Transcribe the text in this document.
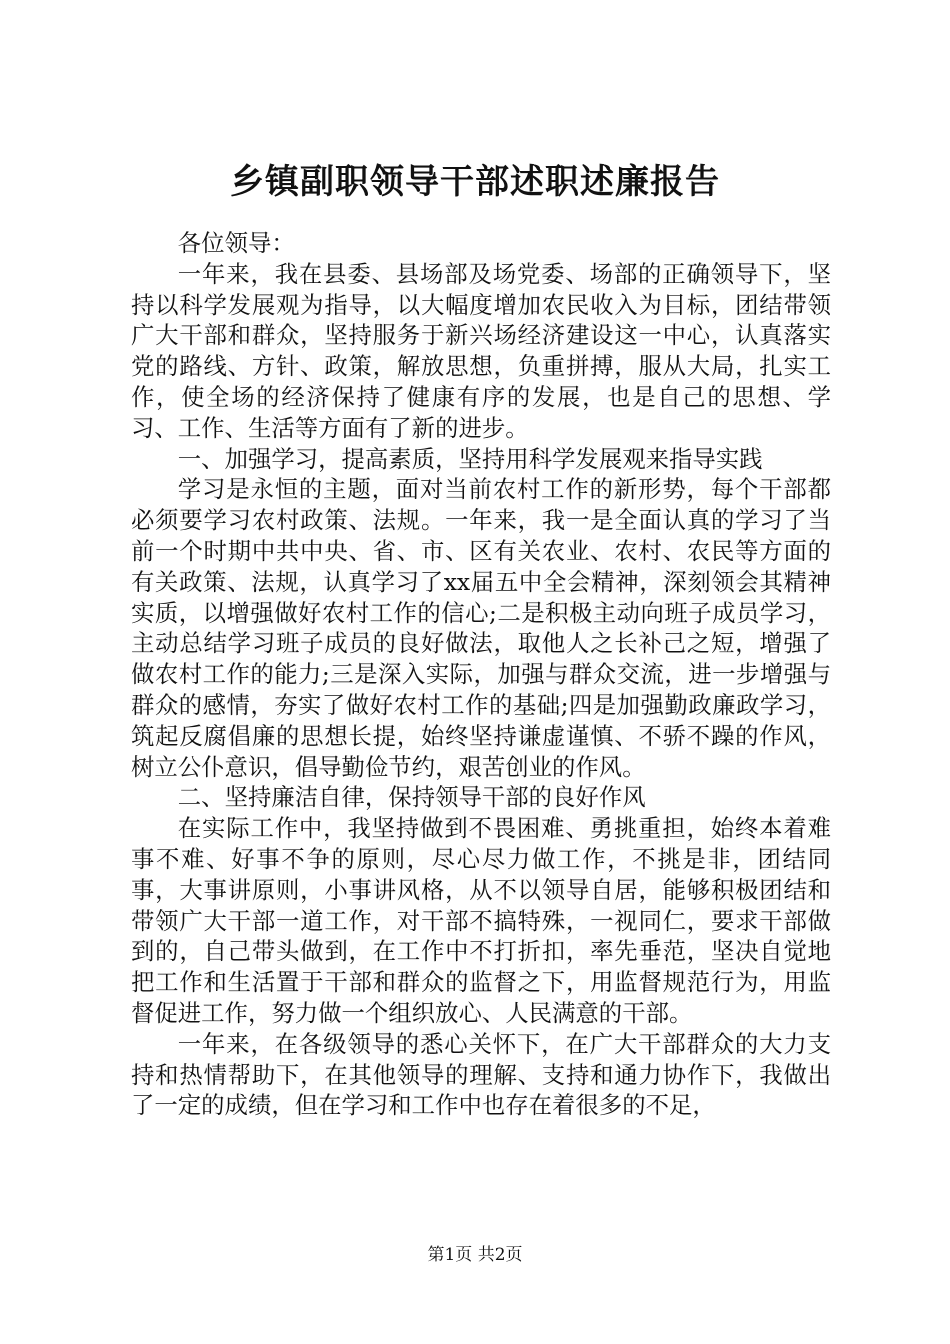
乡镇副职领导干部述职述廉报告

各位领导：

一年来，我在县委、县场部及场党委、场部的正确领导下，坚持以科学发展观为指导，以大幅度增加农民收入为目标，团结带领广大干部和群众，坚持服务于新兴场经济建设这一中心，认真落实党的路线、方针、政策，解放思想，负重拼搏，服从大局，扎实工作，使全场的经济保持了健康有序的发展，也是自己的思想、学习、工作、生活等方面有了新的进步。

一、加强学习，提高素质，坚持用科学发展观来指导实践

学习是永恒的主题，面对当前农村工作的新形势，每个干部都必须要学习农村政策、法规。一年来，我一是全面认真的学习了当前一个时期中共中央、省、市、区有关农业、农村、农民等方面的有关政策、法规，认真学习了xx届五中全会精神，深刻领会其精神实质，以增强做好农村工作的信心;二是积极主动向班子成员学习，主动总结学习班子成员的良好做法，取他人之长补己之短，增强了做农村工作的能力;三是深入实际，加强与群众交流，进一步增强与群众的感情，夯实了做好农村工作的基础;四是加强勤政廉政学习，筑起反腐倡廉的思想长提，始终坚持谦虚谨慎、不骄不躁的作风，树立公仆意识，倡导勤俭节约，艰苦创业的作风。

二、坚持廉洁自律，保持领导干部的良好作风

在实际工作中，我坚持做到不畏困难、勇挑重担，始终本着难事不难、好事不争的原则，尽心尽力做工作，不挑是非，团结同事，大事讲原则，小事讲风格，从不以领导自居，能够积极团结和带领广大干部一道工作，对干部不搞特殊，一视同仁，要求干部做到的，自己带头做到，在工作中不打折扣，率先垂范，坚决自觉地把工作和生活置于干部和群众的监督之下，用监督规范行为，用监督促进工作，努力做一个组织放心、人民满意的干部。

一年来，在各级领导的悉心关怀下，在广大干部群众的大力支持和热情帮助下，在其他领导的理解、支持和通力协作下，我做出了一定的成绩，但在学习和工作中也存在着很多的不足，

第1页 共2页
